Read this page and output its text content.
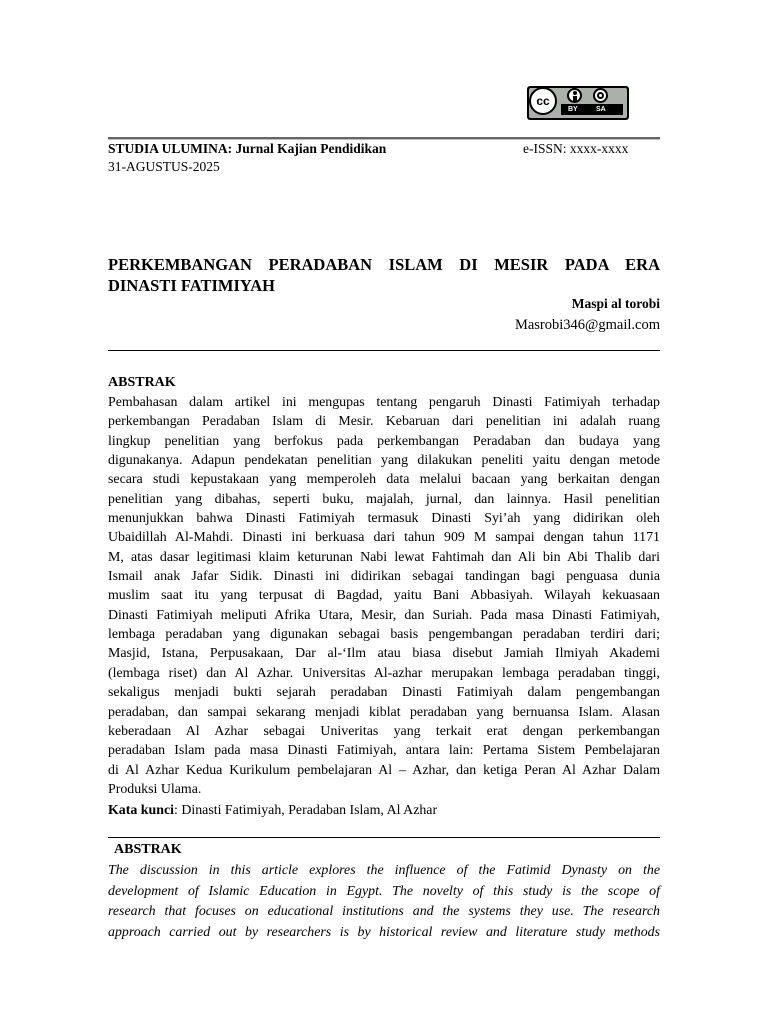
cc
BY	SA
STUDIA ULUMINA: Jurnal Kajian Pendidikan	e-ISSN: xxxx-xxxx
31-AGUSTUS-2025
PERKEMBANGAN PERADABAN ISLAM DI MESIR PADA ERA
DINASTI FATIMIYAH
Maspi al torobi
Masrobi346@gmail.com
ABSTRAK
Pembahasan dalam artikel ini mengupas tentang pengaruh Dinasti Fatimiyah terhadap
perkembangan Peradaban Islam di Mesir. Kebaruan dari penelitian ini adalah ruang
lingkup penelitian yang berfokus pada perkembangan Peradaban dan budaya yang
digunakanya. Adapun pendekatan penelitian yang dilakukan peneliti yaitu dengan metode
secara studi kepustakaan yang memperoleh data melalui bacaan yang berkaitan dengan
penelitian yang dibahas, seperti buku, majalah, jurnal, dan lainnya. Hasil penelitian
menunjukkan bahwa Dinasti Fatimiyah termasuk Dinasti Syi’ah yang didirikan oleh
Ubaidillah Al-Mahdi. Dinasti ini berkuasa dari tahun 909 M sampai dengan tahun 1171
M, atas dasar legitimasi klaim keturunan Nabi lewat Fahtimah dan Ali bin Abi Thalib dari
Ismail anak Jafar Sidik. Dinasti ini didirikan sebagai tandingan bagi penguasa dunia
muslim saat itu yang terpusat di Bagdad, yaitu Bani Abbasiyah. Wilayah kekuasaan
Dinasti Fatimiyah meliputi Afrika Utara, Mesir, dan Suriah. Pada masa Dinasti Fatimiyah,
lembaga peradaban yang digunakan sebagai basis pengembangan peradaban terdiri dari;
Masjid, Istana, Perpusakaan, Dar al-‘Ilm atau biasa disebut Jamiah Ilmiyah Akademi
(lembaga riset) dan Al Azhar. Universitas Al-azhar merupakan lembaga peradaban tinggi,
sekaligus menjadi bukti sejarah peradaban Dinasti Fatimiyah dalam pengembangan
peradaban, dan sampai sekarang menjadi kiblat peradaban yang bernuansa Islam. Alasan
keberadaan Al Azhar sebagai Univeritas yang terkait erat dengan perkembangan
peradaban Islam pada masa Dinasti Fatimiyah, antara lain: Pertama Sistem Pembelajaran
di Al Azhar Kedua Kurikulum pembelajaran Al – Azhar, dan ketiga Peran Al Azhar Dalam
Produksi Ulama.
Kata kunci: Dinasti Fatimiyah, Peradaban Islam, Al Azhar
ABSTRAK
The discussion in this article explores the influence of the Fatimid Dynasty on the
development of Islamic Education in Egypt. The novelty of this study is the scope of
research that focuses on educational institutions and the systems they use. The research
approach carried out by researchers is by historical review and literature study methods
